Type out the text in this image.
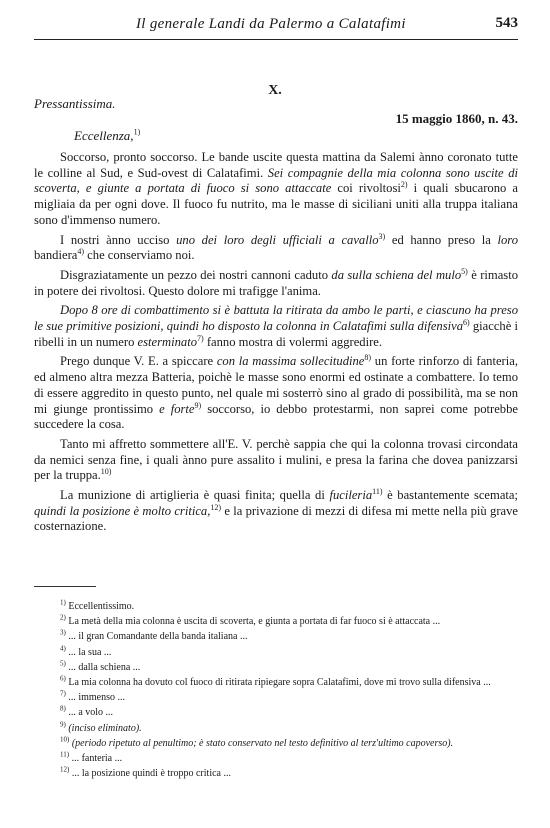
Il generale Landi da Palermo a Calatafimi	543
X.
Pressantissima.
15 maggio 1860, n. 43.
Eccellenza,$^{1)}$

Soccorso, pronto soccorso. Le bande uscite questa mattina da Salemi ànno coronato tutte le colline al Sud, e Sud-ovest di Calatafimi. Sei compagnie della mia colonna sono uscite di scoverta, e giunte a portata di fuoco si sono attaccate coi rivoltosi$^{2)}$ i quali sbucarono a migliaia da per ogni dove. Il fuoco fu nutrito, ma le masse di siciliani uniti alla truppa italiana sono d'immenso numero.

I nostri ànno ucciso uno dei loro degli ufficiali a cavallo$^{3)}$ ed hanno preso la loro bandiera$^{4)}$ che conserviamo noi.

Disgraziatamente un pezzo dei nostri cannoni caduto da sulla schiena del mulo$^{5)}$ è rimasto in potere dei rivoltosi. Questo dolore mi trafigge l'anima.

Dopo 8 ore di combattimento si è battuta la ritirata da ambo le parti, e ciascuno ha preso le sue primitive posizioni, quindi ho disposto la colonna in Calatafimi sulla difensiva$^{6)}$ giacchè i ribelli in un numero esterminato$^{7)}$ fanno mostra di volermi aggredire.

Prego dunque V. E. a spiccare con la massima sollecitudine$^{8)}$ un forte rinforzo di fanteria, ed almeno altra mezza Batteria, poichè le masse sono enormi ed ostinate a combattere. Io temo di essere aggredito in questo punto, nel quale mi sosterrò sino al grado di possibilità, ma se non mi giunge prontissimo e forte$^{9)}$ soccorso, io debbo protestarmi, non saprei come potrebbe succedere la cosa.

Tanto mi affretto sommettere all'E. V. perchè sappia che qui la colonna trovasi circondata da nemici senza fine, i quali ànno pure assalito i mulini, e presa la farina che dovea panizzarsi per la truppa.$^{10)}$

La munizione di artiglieria è quasi finita; quella di fucileria$^{11)}$ è bastantemente scemata; quindi la posizione è molto critica,$^{12)}$ e la privazione di mezzi di difesa mi mette nella più grave costernazione.

$^{1)}$ Eccellentissimo.
$^{2)}$ La metà della mia colonna è uscita di scoverta, e giunta a portata di far fuoco si è attaccata ...
$^{3)}$ ... il gran Comandante della banda italiana ...
$^{4)}$ ... la sua ...
$^{5)}$ ... dalla schiena ...
$^{6)}$ La mia colonna ha dovuto col fuoco di ritirata ripiegare sopra Calatafimi, dove mi trovo sulla difensiva ...
$^{7)}$ ... immenso ...
$^{8)}$ ... a volo ...
$^{9)}$ (inciso eliminato).
$^{10)}$ (periodo ripetuto al penultimo; è stato conservato nel testo definitivo al terz'ultimo capoverso).
$^{11)}$ ... fanteria ...
$^{12)}$ ... la posizione quindi è troppo critica ...
